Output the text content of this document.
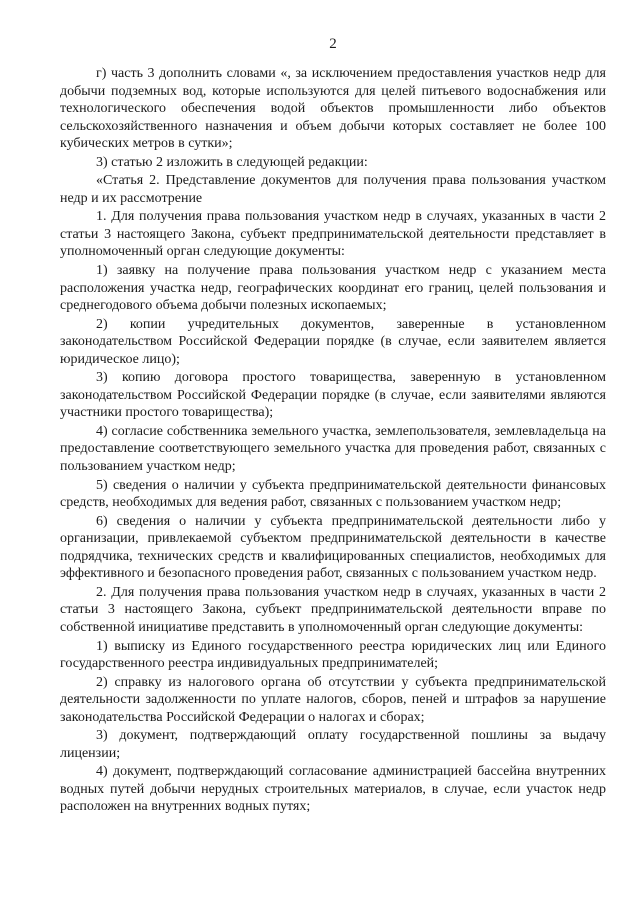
2

г) часть 3 дополнить словами «, за исключением предоставления участков недр для добычи подземных вод, которые используются для целей питьевого водоснабжения или технологического обеспечения водой объектов промышленности либо объектов сельскохозяйственного назначения и объем добычи которых составляет не более 100 кубических метров в сутки»;

3) статью 2 изложить в следующей редакции:

«Статья 2. Представление документов для получения права пользования участком недр и их рассмотрение

1. Для получения права пользования участком недр в случаях, указанных в части 2 статьи 3 настоящего Закона, субъект предпринимательской деятельности представляет в уполномоченный орган следующие документы:

1) заявку на получение права пользования участком недр с указанием места расположения участка недр, географических координат его границ, целей пользования и среднегодового объема добычи полезных ископаемых;

2) копии учредительных документов, заверенные в установленном законодательством Российской Федерации порядке (в случае, если заявителем является юридическое лицо);

3) копию договора простого товарищества, заверенную в установленном законодательством Российской Федерации порядке (в случае, если заявителями являются участники простого товарищества);

4) согласие собственника земельного участка, землепользователя, землевладельца на предоставление соответствующего земельного участка для проведения работ, связанных с пользованием участком недр;

5) сведения о наличии у субъекта предпринимательской деятельности финансовых средств, необходимых для ведения работ, связанных с пользованием участком недр;

6) сведения о наличии у субъекта предпринимательской деятельности либо у организации, привлекаемой субъектом предпринимательской деятельности в качестве подрядчика, технических средств и квалифицированных специалистов, необходимых для эффективного и безопасного проведения работ, связанных с пользованием участком недр.

2. Для получения права пользования участком недр в случаях, указанных в части 2 статьи 3 настоящего Закона, субъект предпринимательской деятельности вправе по собственной инициативе представить в уполномоченный орган следующие документы:

1) выписку из Единого государственного реестра юридических лиц или Единого государственного реестра индивидуальных предпринимателей;

2) справку из налогового органа об отсутствии у субъекта предпринимательской деятельности задолженности по уплате налогов, сборов, пеней и штрафов за нарушение законодательства Российской Федерации о налогах и сборах;

3) документ, подтверждающий оплату государственной пошлины за выдачу лицензии;

4) документ, подтверждающий согласование администрацией бассейна внутренних водных путей добычи нерудных строительных материалов, в случае, если участок недр расположен на внутренних водных путях;
